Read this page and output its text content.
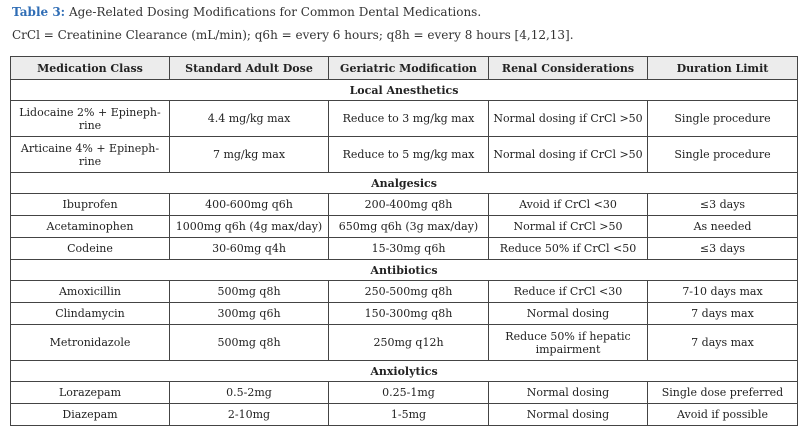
Table 3: Age-Related Dosing Modifications for Common Dental Medications.
CrCl = Creatinine Clearance (mL/min); q6h = every 6 hours; q8h = every 8 hours [4,12,13].
Medication Class	Standard Adult Dose	Geriatric Modification	Renal Considerations	Duration Limit
Local Anesthetics				
Lidocaine 2% + Epineph-rine	4.4 mg/kg max	Reduce to 3 mg/kg max	Normal dosing if CrCl >50	Single procedure
Articaine 4% + Epineph-rine	7 mg/kg max	Reduce to 5 mg/kg max	Normal dosing if CrCl >50	Single procedure
Analgesics				
Ibuprofen	400-600mg q6h	200-400mg q8h	Avoid if CrCl <30	≤3 days
Acetaminophen	1000mg q6h (4g max/day)	650mg q6h (3g max/day)	Normal if CrCl >50	As needed
Codeine	30-60mg q4h	15-30mg q6h	Reduce 50% if CrCl <50	≤3 days
Antibiotics				
Amoxicillin	500mg q8h	250-500mg q8h	Reduce if CrCl <30	7-10 days max
Clindamycin	300mg q6h	150-300mg q8h	Normal dosing	7 days max
Metronidazole	500mg q8h	250mg q12h	Reduce 50% if hepatic impairment	7 days max
Anxiolytics				
Lorazepam	0.5-2mg	0.25-1mg	Normal dosing	Single dose preferred
Diazepam	2-10mg	1-5mg	Normal dosing	Avoid if possible
